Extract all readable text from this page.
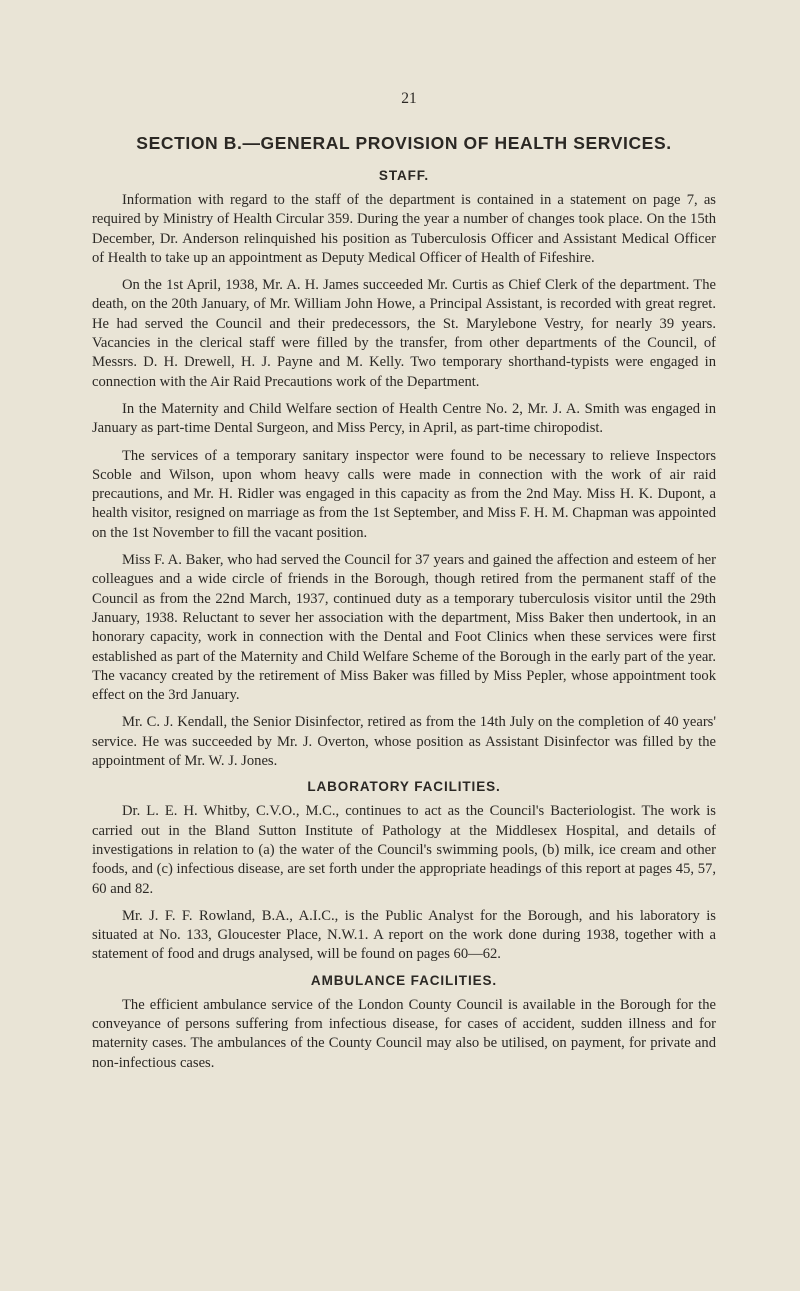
21
SECTION B.—GENERAL PROVISION OF HEALTH SERVICES.
STAFF.

Information with regard to the staff of the department is contained in a statement on page 7, as required by Ministry of Health Circular 359. During the year a number of changes took place. On the 15th December, Dr. Anderson relinquished his position as Tuberculosis Officer and Assistant Medical Officer of Health to take up an appointment as Deputy Medical Officer of Health of Fifeshire.

On the 1st April, 1938, Mr. A. H. James succeeded Mr. Curtis as Chief Clerk of the department. The death, on the 20th January, of Mr. William John Howe, a Principal Assistant, is recorded with great regret. He had served the Council and their predecessors, the St. Marylebone Vestry, for nearly 39 years. Vacancies in the clerical staff were filled by the transfer, from other departments of the Council, of Messrs. D. H. Drewell, H. J. Payne and M. Kelly. Two temporary shorthand-typists were engaged in connection with the Air Raid Precautions work of the Department.

In the Maternity and Child Welfare section of Health Centre No. 2, Mr. J. A. Smith was engaged in January as part-time Dental Surgeon, and Miss Percy, in April, as part-time chiropodist.

The services of a temporary sanitary inspector were found to be necessary to relieve Inspectors Scoble and Wilson, upon whom heavy calls were made in connection with the work of air raid precautions, and Mr. H. Ridler was engaged in this capacity as from the 2nd May. Miss H. K. Dupont, a health visitor, resigned on marriage as from the 1st September, and Miss F. H. M. Chapman was appointed on the 1st November to fill the vacant position.

Miss F. A. Baker, who had served the Council for 37 years and gained the affection and esteem of her colleagues and a wide circle of friends in the Borough, though retired from the permanent staff of the Council as from the 22nd March, 1937, continued duty as a temporary tuberculosis visitor until the 29th January, 1938. Reluctant to sever her association with the department, Miss Baker then undertook, in an honorary capacity, work in connection with the Dental and Foot Clinics when these services were first established as part of the Maternity and Child Welfare Scheme of the Borough in the early part of the year. The vacancy created by the retirement of Miss Baker was filled by Miss Pepler, whose appointment took effect on the 3rd January.

Mr. C. J. Kendall, the Senior Disinfector, retired as from the 14th July on the completion of 40 years' service. He was succeeded by Mr. J. Overton, whose position as Assistant Disinfector was filled by the appointment of Mr. W. J. Jones.

LABORATORY FACILITIES.

Dr. L. E. H. Whitby, C.V.O., M.C., continues to act as the Council's Bacteriologist. The work is carried out in the Bland Sutton Institute of Pathology at the Middlesex Hospital, and details of investigations in relation to (a) the water of the Council's swimming pools, (b) milk, ice cream and other foods, and (c) infectious disease, are set forth under the appropriate headings of this report at pages 45, 57, 60 and 82.

Mr. J. F. F. Rowland, B.A., A.I.C., is the Public Analyst for the Borough, and his laboratory is situated at No. 133, Gloucester Place, N.W.1. A report on the work done during 1938, together with a statement of food and drugs analysed, will be found on pages 60—62.

AMBULANCE FACILITIES.

The efficient ambulance service of the London County Council is available in the Borough for the conveyance of persons suffering from infectious disease, for cases of accident, sudden illness and for maternity cases. The ambulances of the County Council may also be utilised, on payment, for private and non-infectious cases.
